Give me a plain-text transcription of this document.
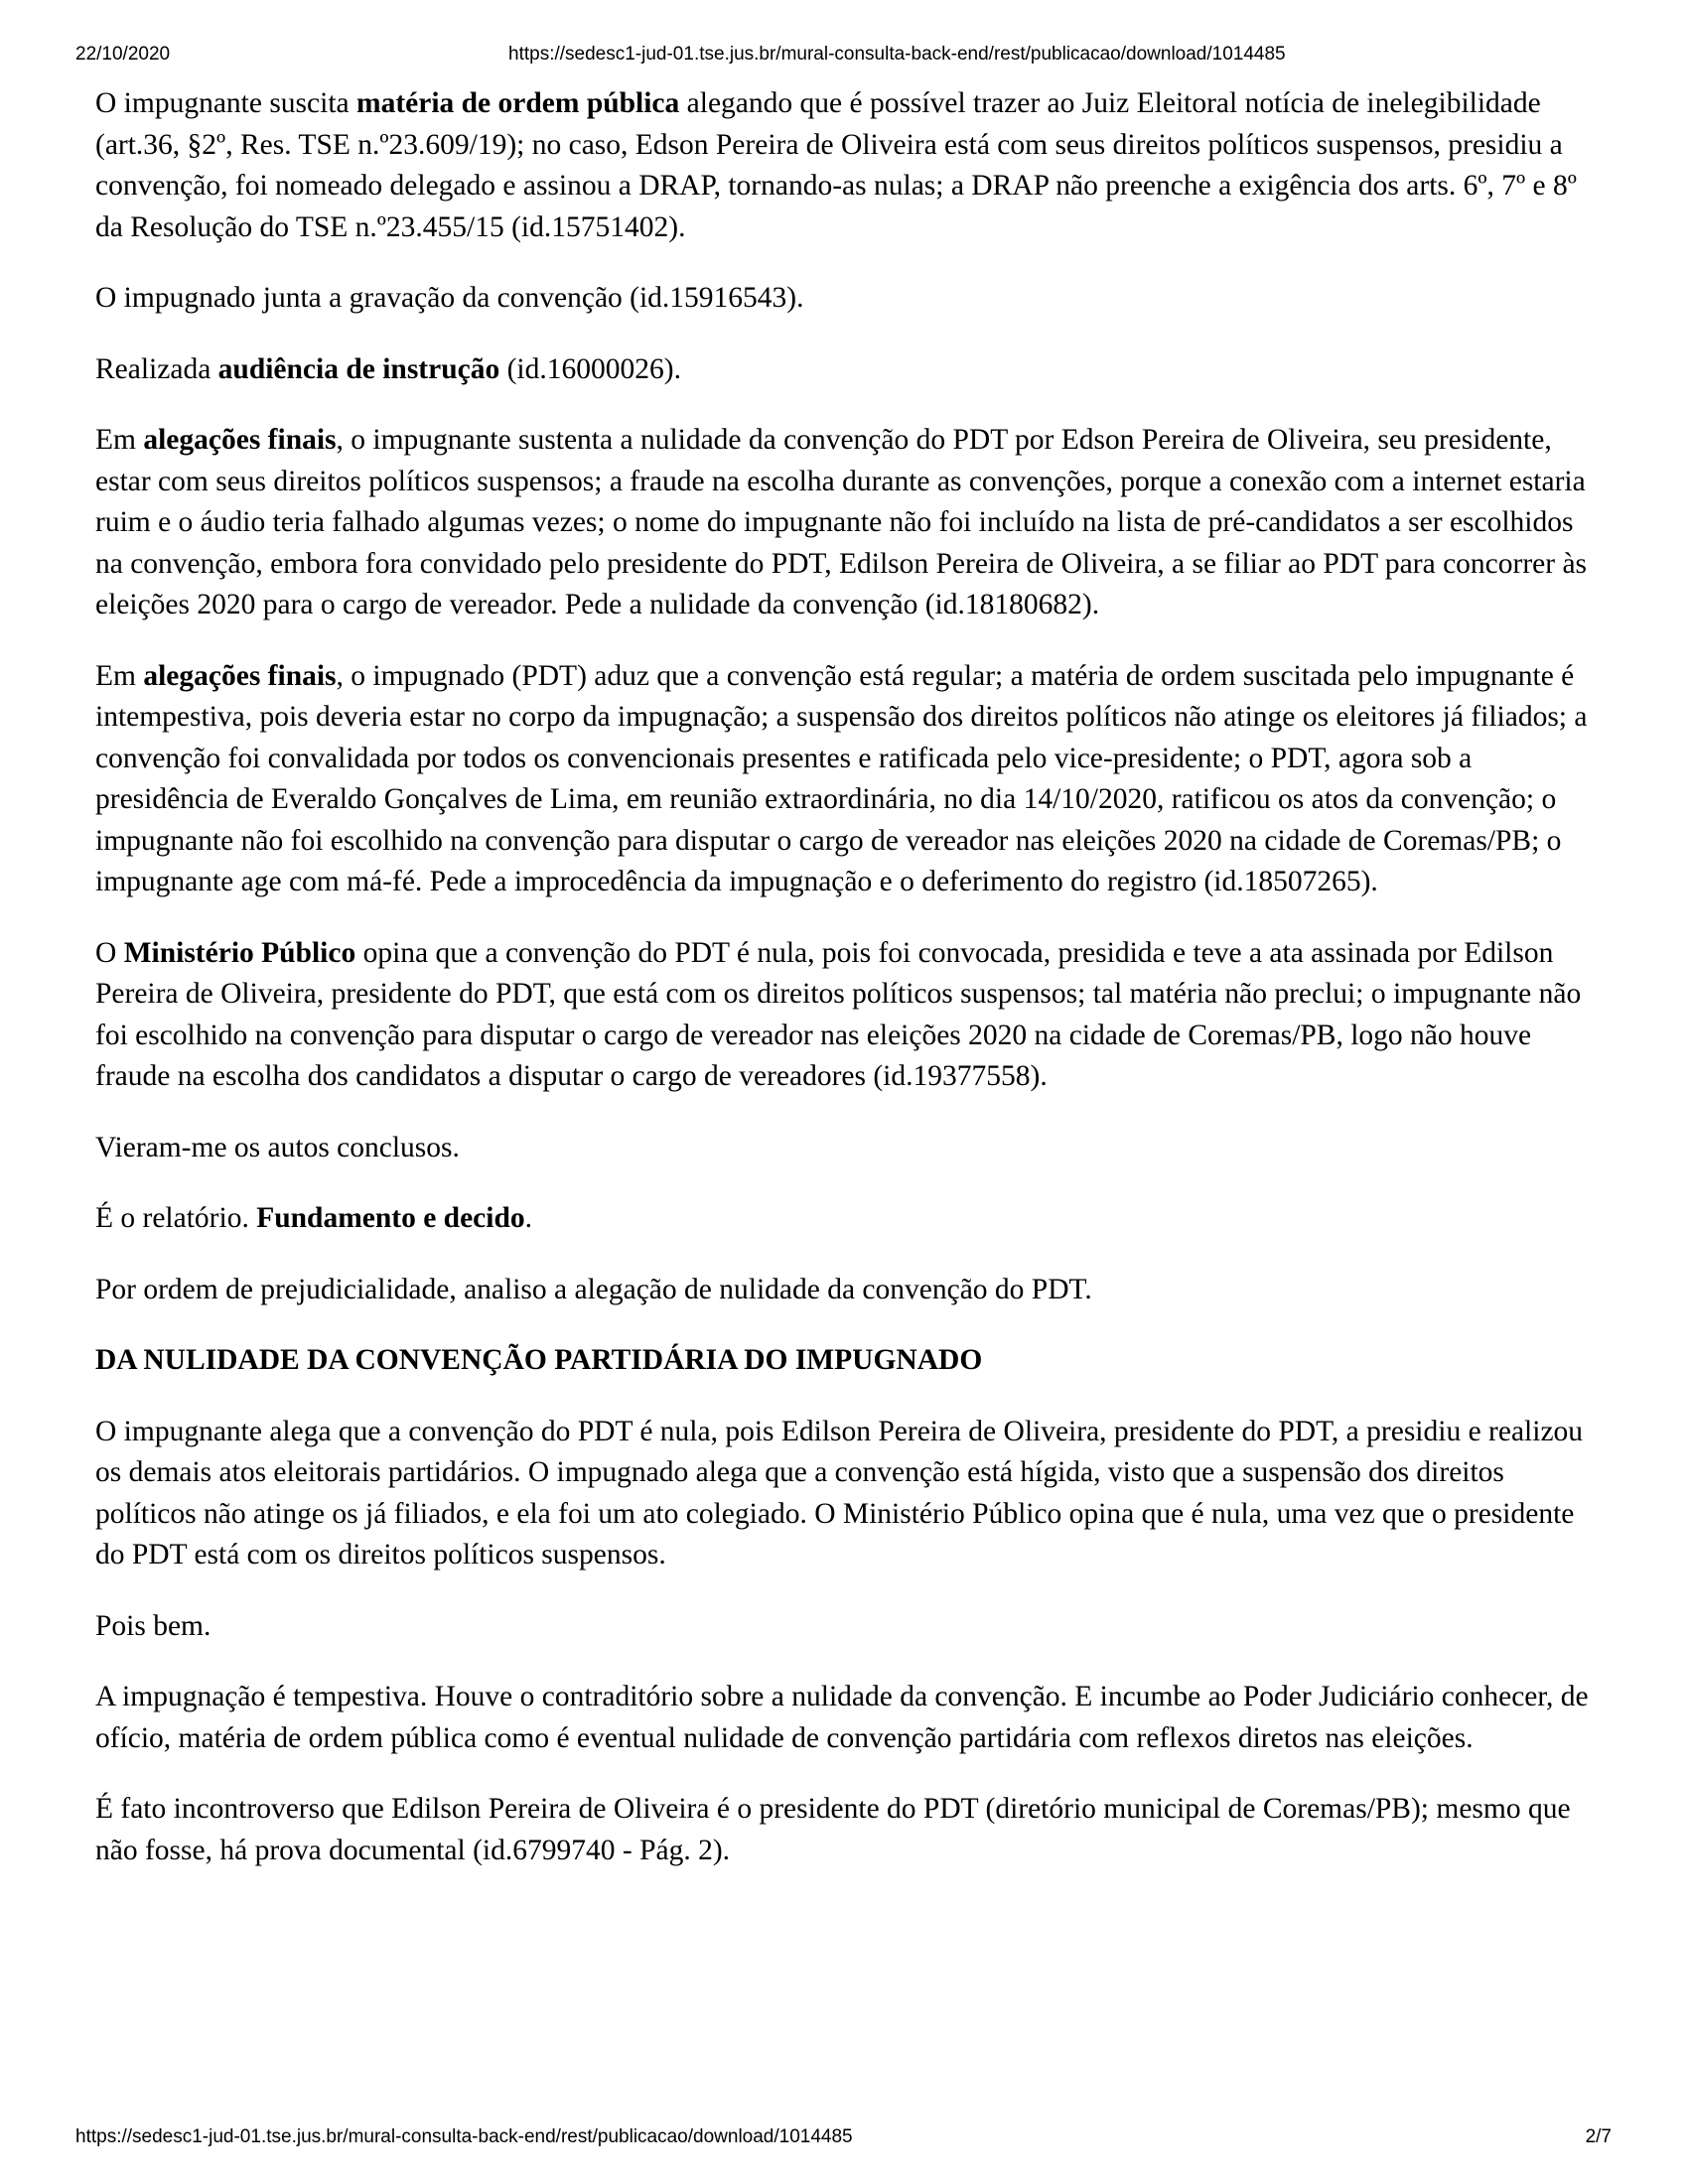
22/10/2020	https://sedesc1-jud-01.tse.jus.br/mural-consulta-back-end/rest/publicacao/download/1014485

O impugnante suscita matéria de ordem pública alegando que é possível trazer ao Juiz Eleitoral notícia de inelegibilidade (art.36, §2º, Res. TSE n.º23.609/19); no caso, Edson Pereira de Oliveira está com seus direitos políticos suspensos, presidiu a convenção, foi nomeado delegado e assinou a DRAP, tornando-as nulas; a DRAP não preenche a exigência dos arts. 6º, 7º e 8º da Resolução do TSE n.º23.455/15 (id.15751402).

O impugnado junta a gravação da convenção (id.15916543).

Realizada audiência de instrução (id.16000026).

Em alegações finais, o impugnante sustenta a nulidade da convenção do PDT por Edson Pereira de Oliveira, seu presidente, estar com seus direitos políticos suspensos; a fraude na escolha durante as convenções, porque a conexão com a internet estaria ruim e o áudio teria falhado algumas vezes; o nome do impugnante não foi incluído na lista de pré-candidatos a ser escolhidos na convenção, embora fora convidado pelo presidente do PDT, Edilson Pereira de Oliveira, a se filiar ao PDT para concorrer às eleições 2020 para o cargo de vereador. Pede a nulidade da convenção (id.18180682).

Em alegações finais, o impugnado (PDT) aduz que a convenção está regular; a matéria de ordem suscitada pelo impugnante é intempestiva, pois deveria estar no corpo da impugnação; a suspensão dos direitos políticos não atinge os eleitores já filiados; a convenção foi convalidada por todos os convencionais presentes e ratificada pelo vice-presidente; o PDT, agora sob a presidência de Everaldo Gonçalves de Lima, em reunião extraordinária, no dia 14/10/2020, ratificou os atos da convenção; o impugnante não foi escolhido na convenção para disputar o cargo de vereador nas eleições 2020 na cidade de Coremas/PB; o impugnante age com má-fé. Pede a improcedência da impugnação e o deferimento do registro (id.18507265).

O Ministério Público opina que a convenção do PDT é nula, pois foi convocada, presidida e teve a ata assinada por Edilson Pereira de Oliveira, presidente do PDT, que está com os direitos políticos suspensos; tal matéria não preclui; o impugnante não foi escolhido na convenção para disputar o cargo de vereador nas eleições 2020 na cidade de Coremas/PB, logo não houve fraude na escolha dos candidatos a disputar o cargo de vereadores (id.19377558).

Vieram-me os autos conclusos.

É o relatório. Fundamento e decido.

Por ordem de prejudicialidade, analiso a alegação de nulidade da convenção do PDT.

DA NULIDADE DA CONVENÇÃO PARTIDÁRIA DO IMPUGNADO

O impugnante alega que a convenção do PDT é nula, pois Edilson Pereira de Oliveira, presidente do PDT, a presidiu e realizou os demais atos eleitorais partidários. O impugnado alega que a convenção está hígida, visto que a suspensão dos direitos políticos não atinge os já filiados, e ela foi um ato colegiado. O Ministério Público opina que é nula, uma vez que o presidente do PDT está com os direitos políticos suspensos.

Pois bem.

A impugnação é tempestiva. Houve o contraditório sobre a nulidade da convenção. E incumbe ao Poder Judiciário conhecer, de ofício, matéria de ordem pública como é eventual nulidade de convenção partidária com reflexos diretos nas eleições.

É fato incontroverso que Edilson Pereira de Oliveira é o presidente do PDT (diretório municipal de Coremas/PB); mesmo que não fosse, há prova documental (id.6799740 - Pág. 2).

https://sedesc1-jud-01.tse.jus.br/mural-consulta-back-end/rest/publicacao/download/1014485	2/7
